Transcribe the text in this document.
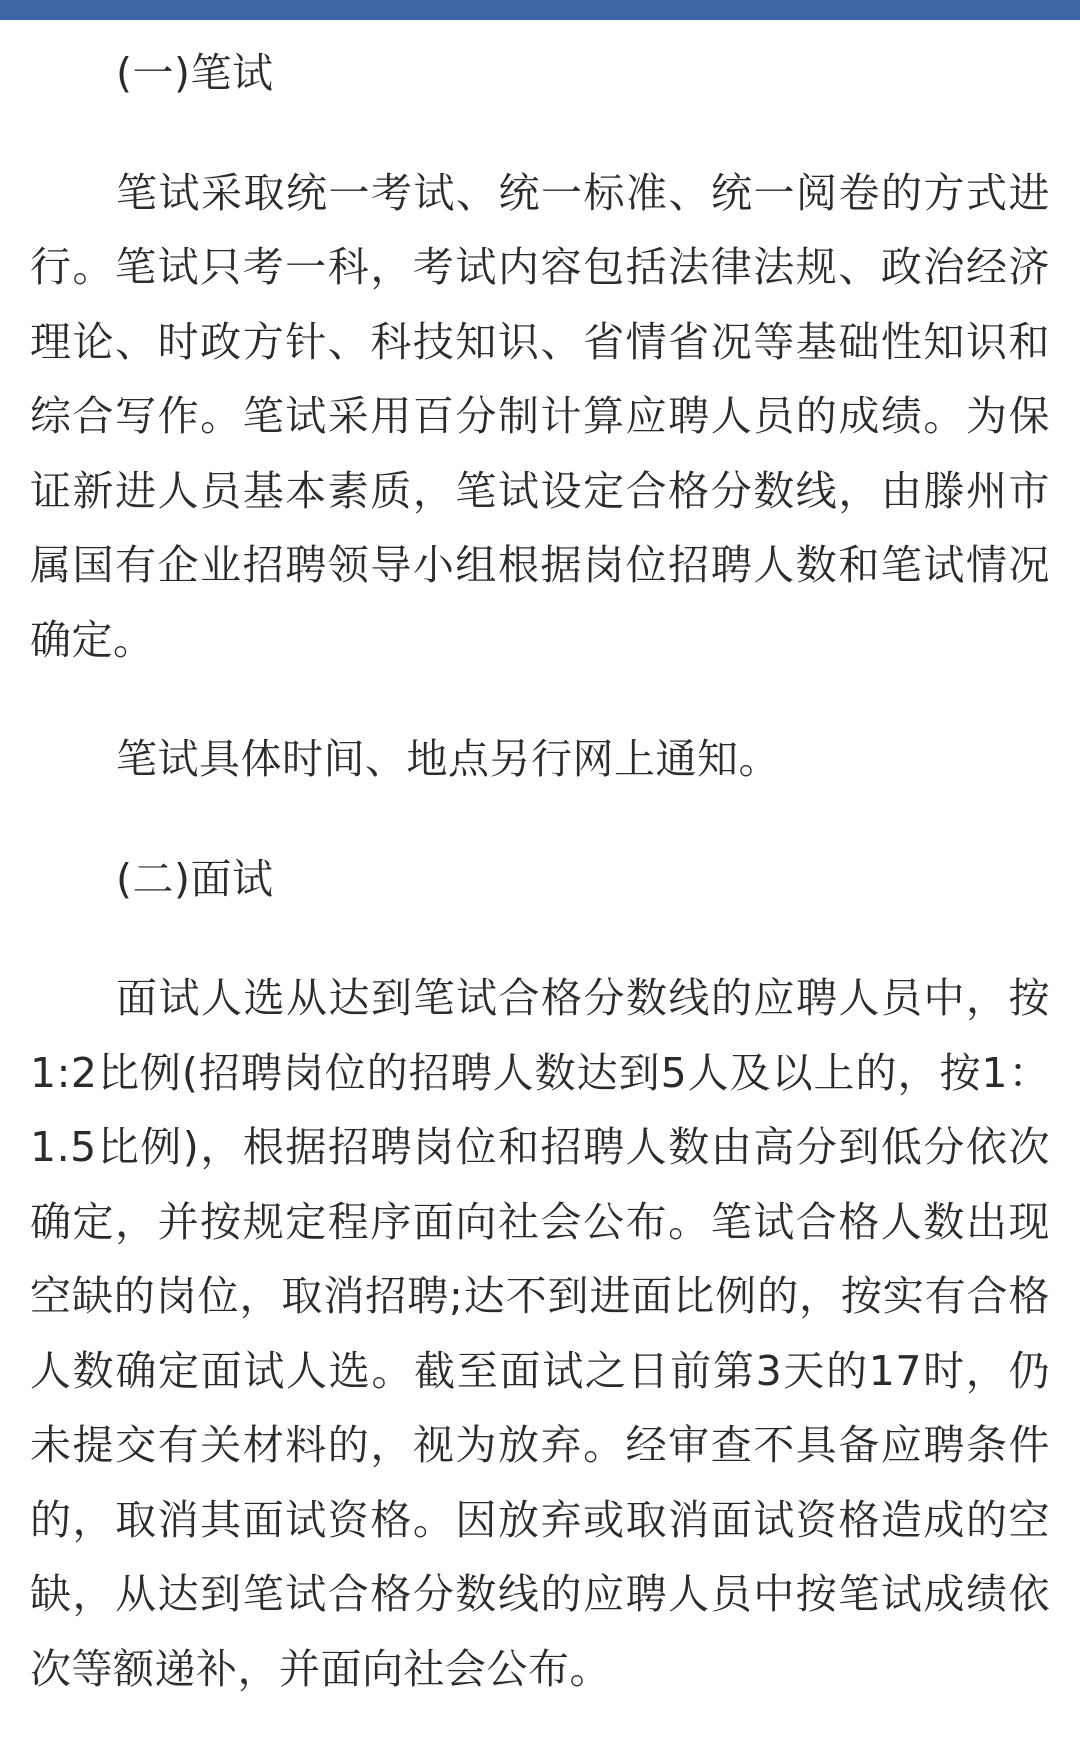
(一)笔试

笔试采取统一考试、统一标准、统一阅卷的方式进行。笔试只考一科，考试内容包括法律法规、政治经济理论、时政方针、科技知识、省情省况等基础性知识和综合写作。笔试采用百分制计算应聘人员的成绩。为保证新进人员基本素质，笔试设定合格分数线，由滕州市属国有企业招聘领导小组根据岗位招聘人数和笔试情况确定。

笔试具体时间、地点另行网上通知。

(二)面试

面试人选从达到笔试合格分数线的应聘人员中，按1:2比例(招聘岗位的招聘人数达到5人及以上的，按1： 1.5比例)，根据招聘岗位和招聘人数由高分到低分依次确定，并按规定程序面向社会公布。笔试合格人数出现空缺的岗位，取消招聘;达不到进面比例的，按实有合格人数确定面试人选。截至面试之日前第3天的17时，仍未提交有关材料的，视为放弃。经审查不具备应聘条件的，取消其面试资格。因放弃或取消面试资格造成的空缺，从达到笔试合格分数线的应聘人员中按笔试成绩依次等额递补，并面向社会公布。
